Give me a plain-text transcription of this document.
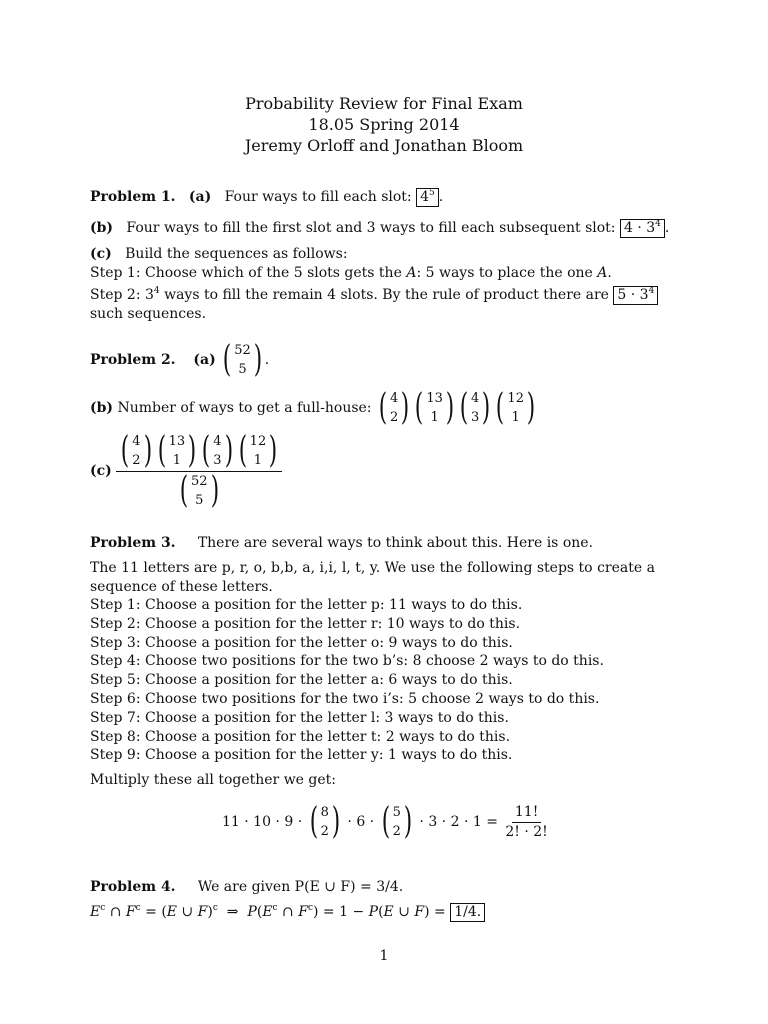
Probability Review for Final Exam
18.05 Spring 2014
Jeremy Orloff and Jonathan Bloom
Problem 1. (a) Four ways to fill each slot: $4^5$ .
(b) Four ways to fill the first slot and 3 ways to fill each subsequent slot: $4 \cdot 3^4$ .
(c) Build the sequences as follows:
Step 1: Choose which of the 5 slots gets the A: 5 ways to place the one A.
Step 2: $3^4$ ways to fill the remain 4 slots. By the rule of product there are $5 \cdot 3^4$
such sequences.
Problem 2. (a) ( 52
5 ) .
(b) Number of ways to get a full-house: ( 4
2 ) ( 13
1 ) ( 4
3 ) ( 12
1 )
(c) ( 4
2 ) ( 13
1 ) ( 4
3 ) ( 12
1 )
( 52
5 )
Problem 3. There are several ways to think about this. Here is one.
The 11 letters are p, r, o, b,b, a, i,i, l, t, y. We use the following steps to create a
sequence of these letters.
Step 1: Choose a position for the letter p: 11 ways to do this.
Step 2: Choose a position for the letter r: 10 ways to do this.
Step 3: Choose a position for the letter o: 9 ways to do this.
Step 4: Choose two positions for the two b’s: 8 choose 2 ways to do this.
Step 5: Choose a position for the letter a: 6 ways to do this.
Step 6: Choose two positions for the two i’s: 5 choose 2 ways to do this.
Step 7: Choose a position for the letter l: 3 ways to do this.
Step 8: Choose a position for the letter t: 2 ways to do this.
Step 9: Choose a position for the letter y: 1 ways to do this.
Multiply these all together we get:
11 · 10 · 9 · ( 8
2 ) · 6 · ( 5
2 ) · $3 \cdot 2 \cdot 1 = \frac{11!}{2! \cdot 2!}$
Problem 4. We are given P(E ∪ F) = 3/4.
$E^c$ ∩ $F^c = (E$ ∪ F)$^c$  ⇒  $P(E^c$ ∩ $F^c) = 1 - P(E$ ∪ F) = 1/4.
1
